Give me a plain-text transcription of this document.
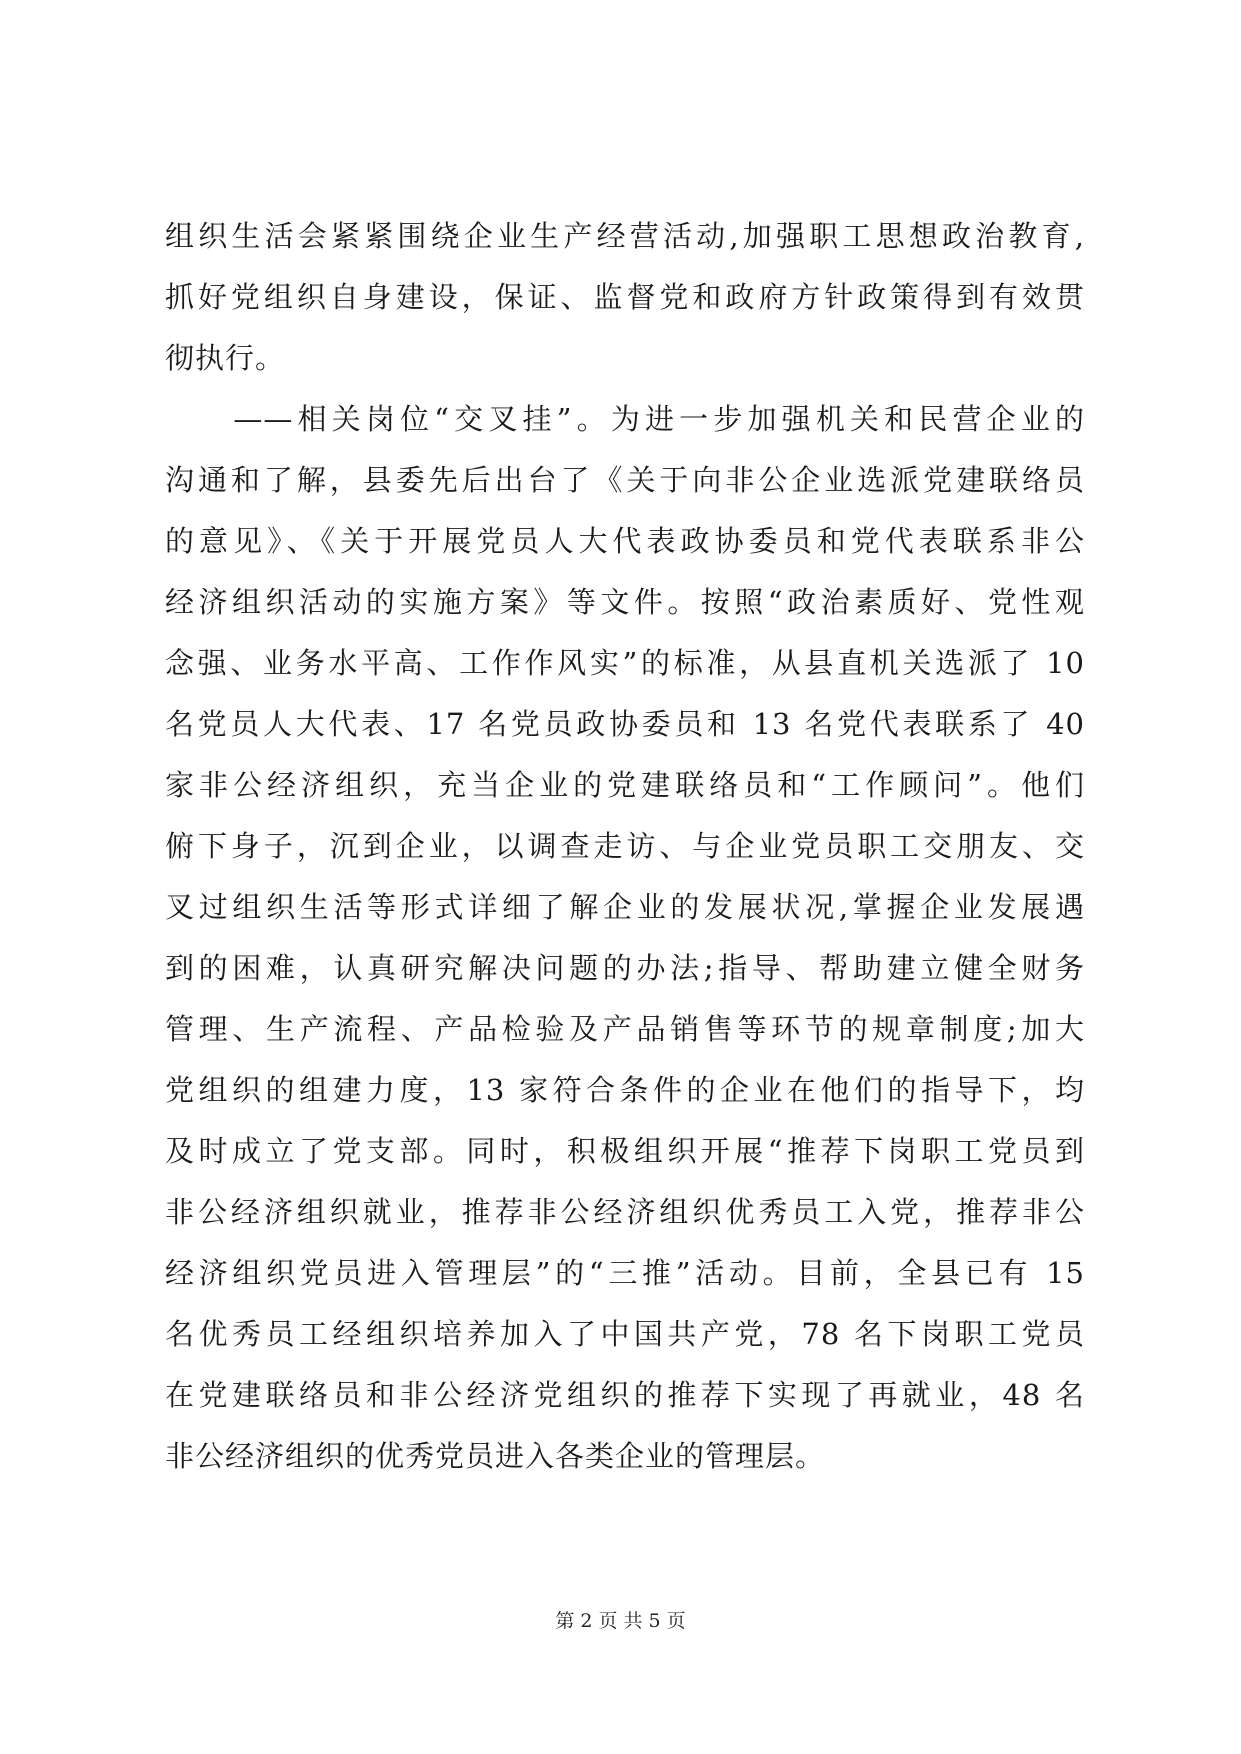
组织生活会紧紧围绕企业生产经营活动,加强职工思想政治教育,
抓好党组织自身建设，保证、监督党和政府方针政策得到有效贯
彻执行。
　　——相关岗位“交叉挂”。为进一步加强机关和民营企业的
沟通和了解，县委先后出台了《关于向非公企业选派党建联络员
的意见》、《关于开展党员人大代表政协委员和党代表联系非公
经济组织活动的实施方案》等文件。按照“政治素质好、党性观
念强、业务水平高、工作作风实”的标准，从县直机关选派了 10
名党员人大代表、17 名党员政协委员和 13 名党代表联系了 40
家非公经济组织，充当企业的党建联络员和“工作顾问”。他们
俯下身子，沉到企业，以调查走访、与企业党员职工交朋友、交
叉过组织生活等形式详细了解企业的发展状况,掌握企业发展遇
到的困难，认真研究解决问题的办法;指导、帮助建立健全财务
管理、生产流程、产品检验及产品销售等环节的规章制度;加大
党组织的组建力度，13 家符合条件的企业在他们的指导下，均
及时成立了党支部。同时，积极组织开展“推荐下岗职工党员到
非公经济组织就业，推荐非公经济组织优秀员工入党，推荐非公
经济组织党员进入管理层”的“三推”活动。目前，全县已有 15
名优秀员工经组织培养加入了中国共产党，78 名下岗职工党员
在党建联络员和非公经济党组织的推荐下实现了再就业，48 名
非公经济组织的优秀党员进入各类企业的管理层。
第 2 页 共 5 页
